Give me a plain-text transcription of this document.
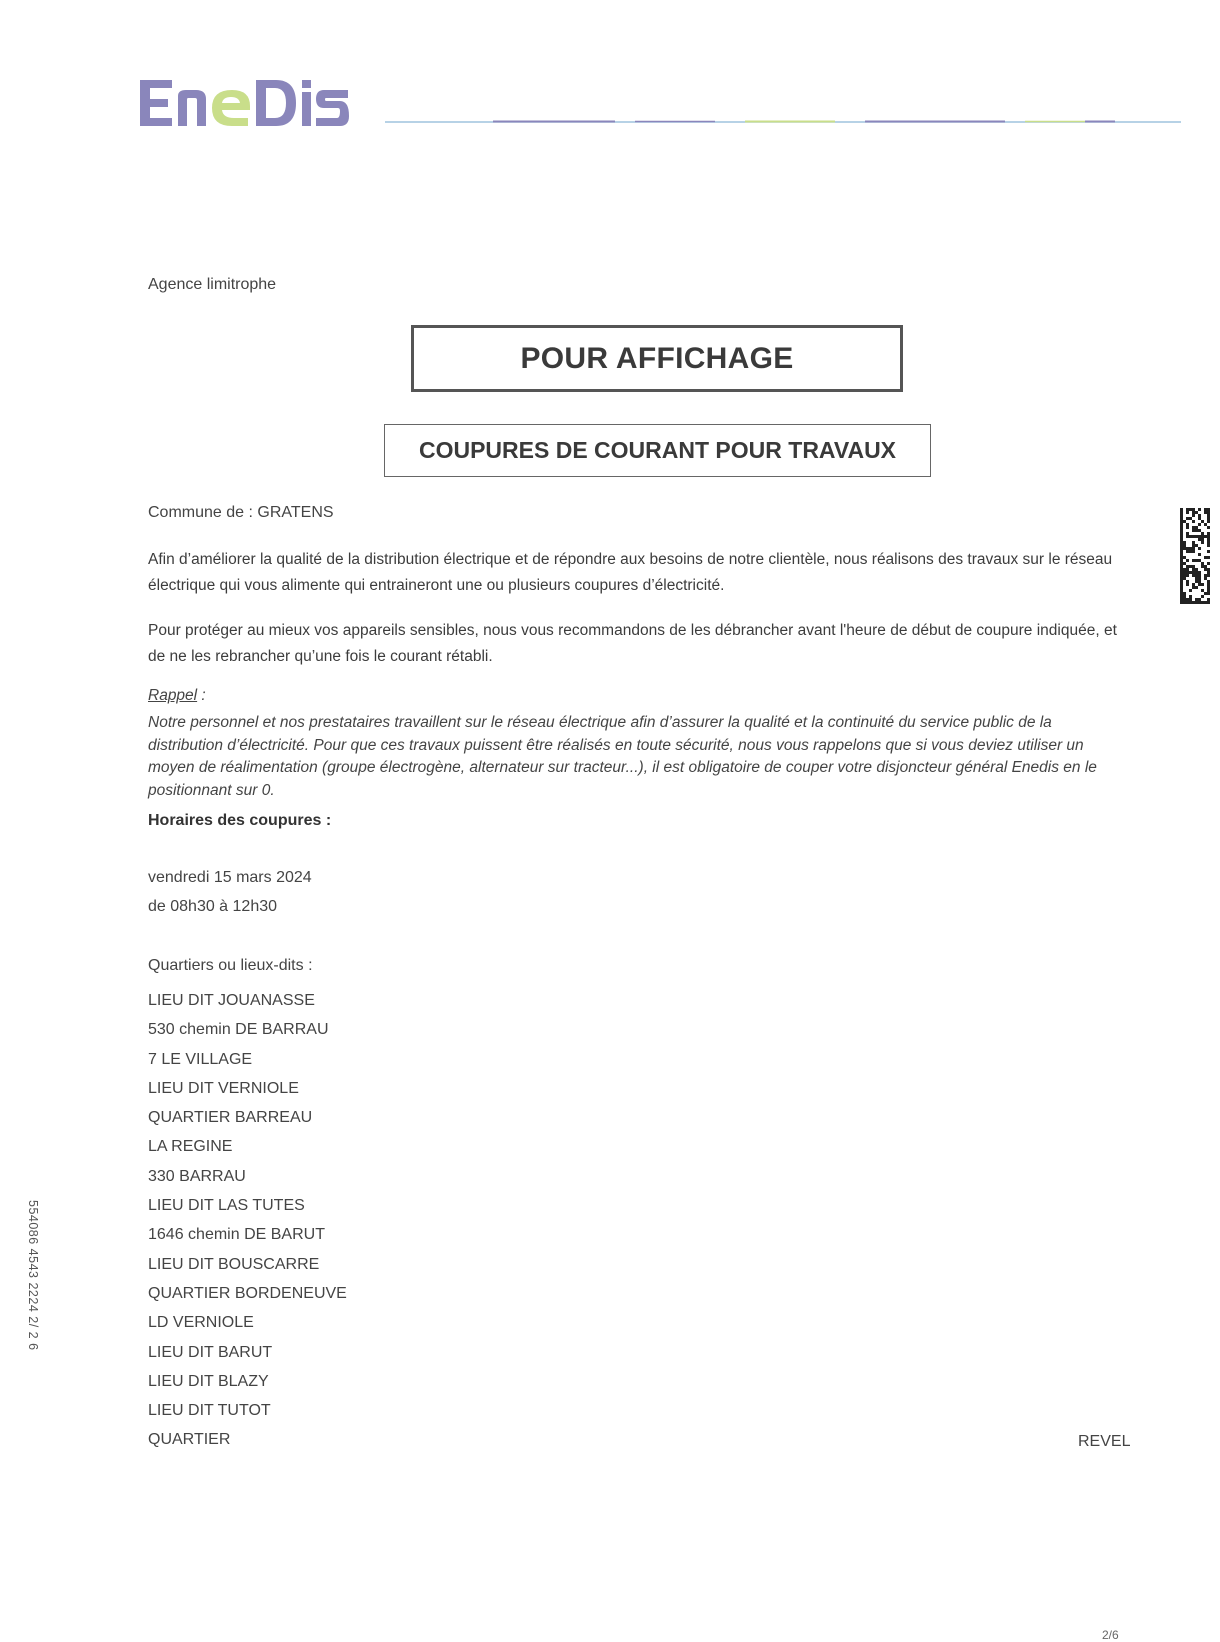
Agence limitrophe
POUR AFFICHAGE
COUPURES DE COURANT POUR TRAVAUX
Commune de : GRATENS
Afin d’améliorer la qualité de la distribution électrique et de répondre aux besoins de notre clientèle, nous réalisons des travaux sur le réseau électrique qui vous alimente qui entraineront une ou plusieurs coupures d’électricité.
Pour protéger au mieux vos appareils sensibles, nous vous recommandons de les débrancher avant l'heure de début de coupure indiquée, et de ne les rebrancher qu’une fois le courant rétabli.
Rappel :
Notre personnel et nos prestataires travaillent sur le réseau électrique afin d’assurer la qualité et la continuité du service public de la distribution d’électricité. Pour que ces travaux puissent être réalisés en toute sécurité, nous vous rappelons que si vous deviez utiliser un moyen de réalimentation (groupe électrogène, alternateur sur tracteur...), il est obligatoire de couper votre disjoncteur général Enedis en le positionnant sur 0.
Horaires des coupures :
vendredi 15 mars 2024
de 08h30 à 12h30
Quartiers ou lieux-dits :
LIEU DIT JOUANASSE
530 chemin DE BARRAU
7 LE VILLAGE
LIEU DIT VERNIOLE
QUARTIER BARREAU
LA REGINE
330 BARRAU
LIEU DIT LAS TUTES
1646 chemin DE BARUT
LIEU DIT BOUSCARRE
QUARTIER BORDENEUVE
LD VERNIOLE
LIEU DIT BARUT
LIEU DIT BLAZY
LIEU DIT TUTOT
QUARTIER	REVEL
554086 4543 2224 2/ 2 6
2/6
